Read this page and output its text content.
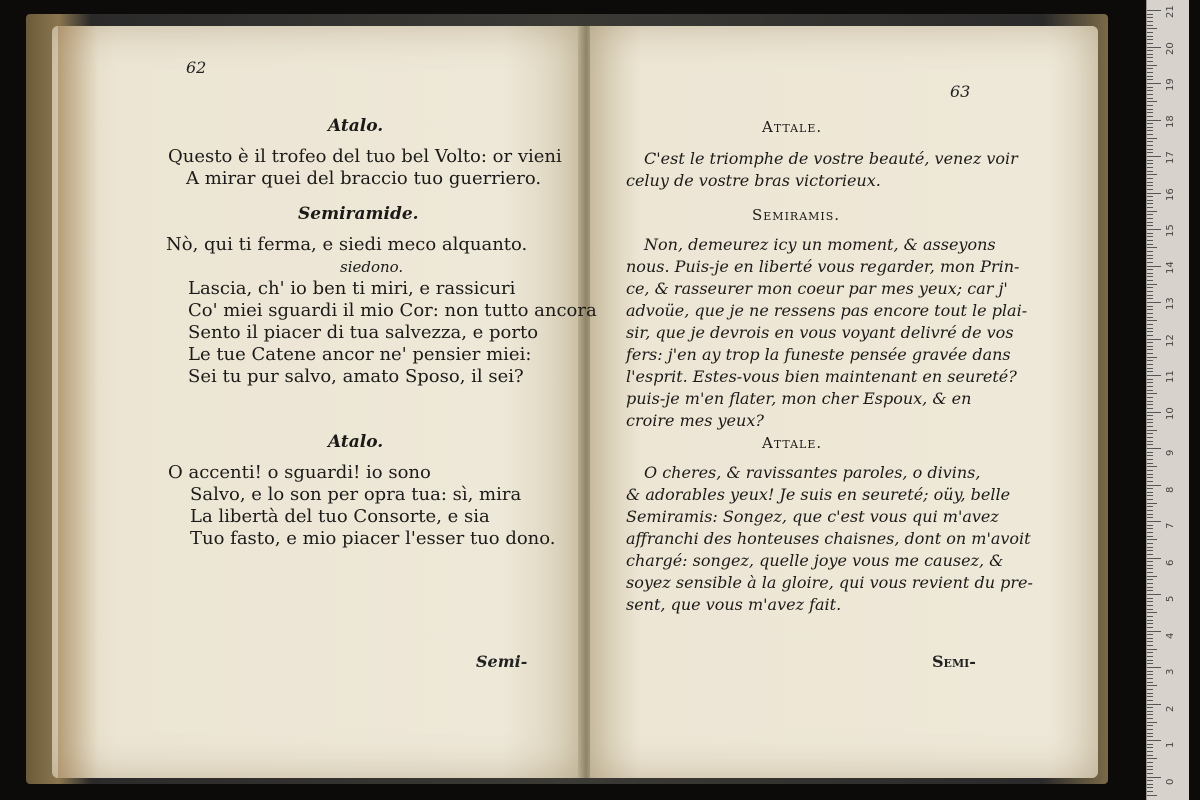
62
Atalo.
Questo è il trofeo del tuo bel Volto: or vieni
A mirar quei del braccio tuo guerriero.
Semiramide.
Nò, qui ti ferma, e siedi meco alquanto.
siedono.
Lascia, ch' io ben ti miri, e rassicuri
Co' miei sguardi il mio Cor: non tutto ancora
Sento il piacer di tua salvezza, e porto
Le tue Catene ancor ne' pensier miei:
Sei tu pur salvo, amato Sposo, il sei?
Atalo.
O accenti! o sguardi! io sono
Salvo, e lo son per opra tua: sì, mira
La libertà del tuo Consorte, e sia
Tuo fasto, e mio piacer l'esser tuo dono.
Semi-
63
Attale.
C'est le triomphe de vostre beauté, venez voir
celuy de vostre bras victorieux.
Semiramis.
Non, demeurez icy un moment, & asseyons
nous. Puis-je en liberté vous regarder, mon Prin-
ce, & rasseurer mon coeur par mes yeux; car j'
advoüe, que je ne ressens pas encore tout le plai-
sir, que je devrois en vous voyant delivré de vos
fers: j'en ay trop la funeste pensée gravée dans
l'esprit. Estes-vous bien maintenant en seureté?
puis-je m'en flater, mon cher Espoux, & en
croire mes yeux?
Attale.
O cheres, & ravissantes paroles, o divins,
& adorables yeux! Je suis en seureté; oüy, belle
Semiramis: Songez, que c'est vous qui m'avez
affranchi des honteuses chaisnes, dont on m'avoit
chargé: songez, quelle joye vous me causez, &
soyez sensible à la gloire, qui vous revient du pre-
sent, que vous m'avez fait.
Semi-
21
20
19
18
17
16
15
14
13
12
11
10
9
8
7
6
5
4
3
2
1
0
